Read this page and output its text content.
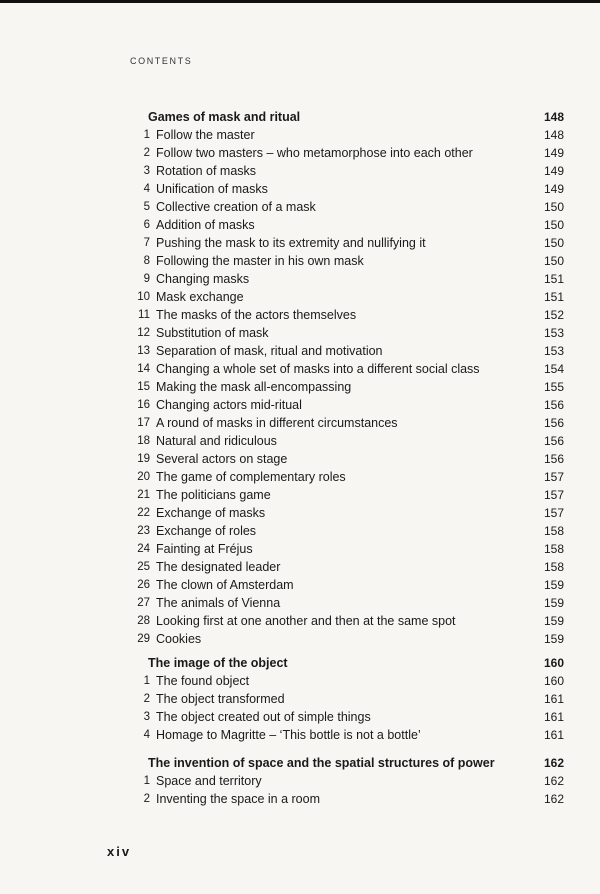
CONTENTS
Games of mask and ritual	148
1 Follow the master	148
2 Follow two masters – who metamorphose into each other	149
3 Rotation of masks	149
4 Unification of masks	149
5 Collective creation of a mask	150
6 Addition of masks	150
7 Pushing the mask to its extremity and nullifying it	150
8 Following the master in his own mask	150
9 Changing masks	151
10 Mask exchange	151
11 The masks of the actors themselves	152
12 Substitution of mask	153
13 Separation of mask, ritual and motivation	153
14 Changing a whole set of masks into a different social class	154
15 Making the mask all-encompassing	155
16 Changing actors mid-ritual	156
17 A round of masks in different circumstances	156
18 Natural and ridiculous	156
19 Several actors on stage	156
20 The game of complementary roles	157
21 The politicians game	157
22 Exchange of masks	157
23 Exchange of roles	158
24 Fainting at Fréjus	158
25 The designated leader	158
26 The clown of Amsterdam	159
27 The animals of Vienna	159
28 Looking first at one another and then at the same spot	159
29 Cookies	159
The image of the object	160
1 The found object	160
2 The object transformed	161
3 The object created out of simple things	161
4 Homage to Magritte – ‘This bottle is not a bottle’	161
The invention of space and the spatial structures of power	162
1 Space and territory	162
2 Inventing the space in a room	162
xiv
